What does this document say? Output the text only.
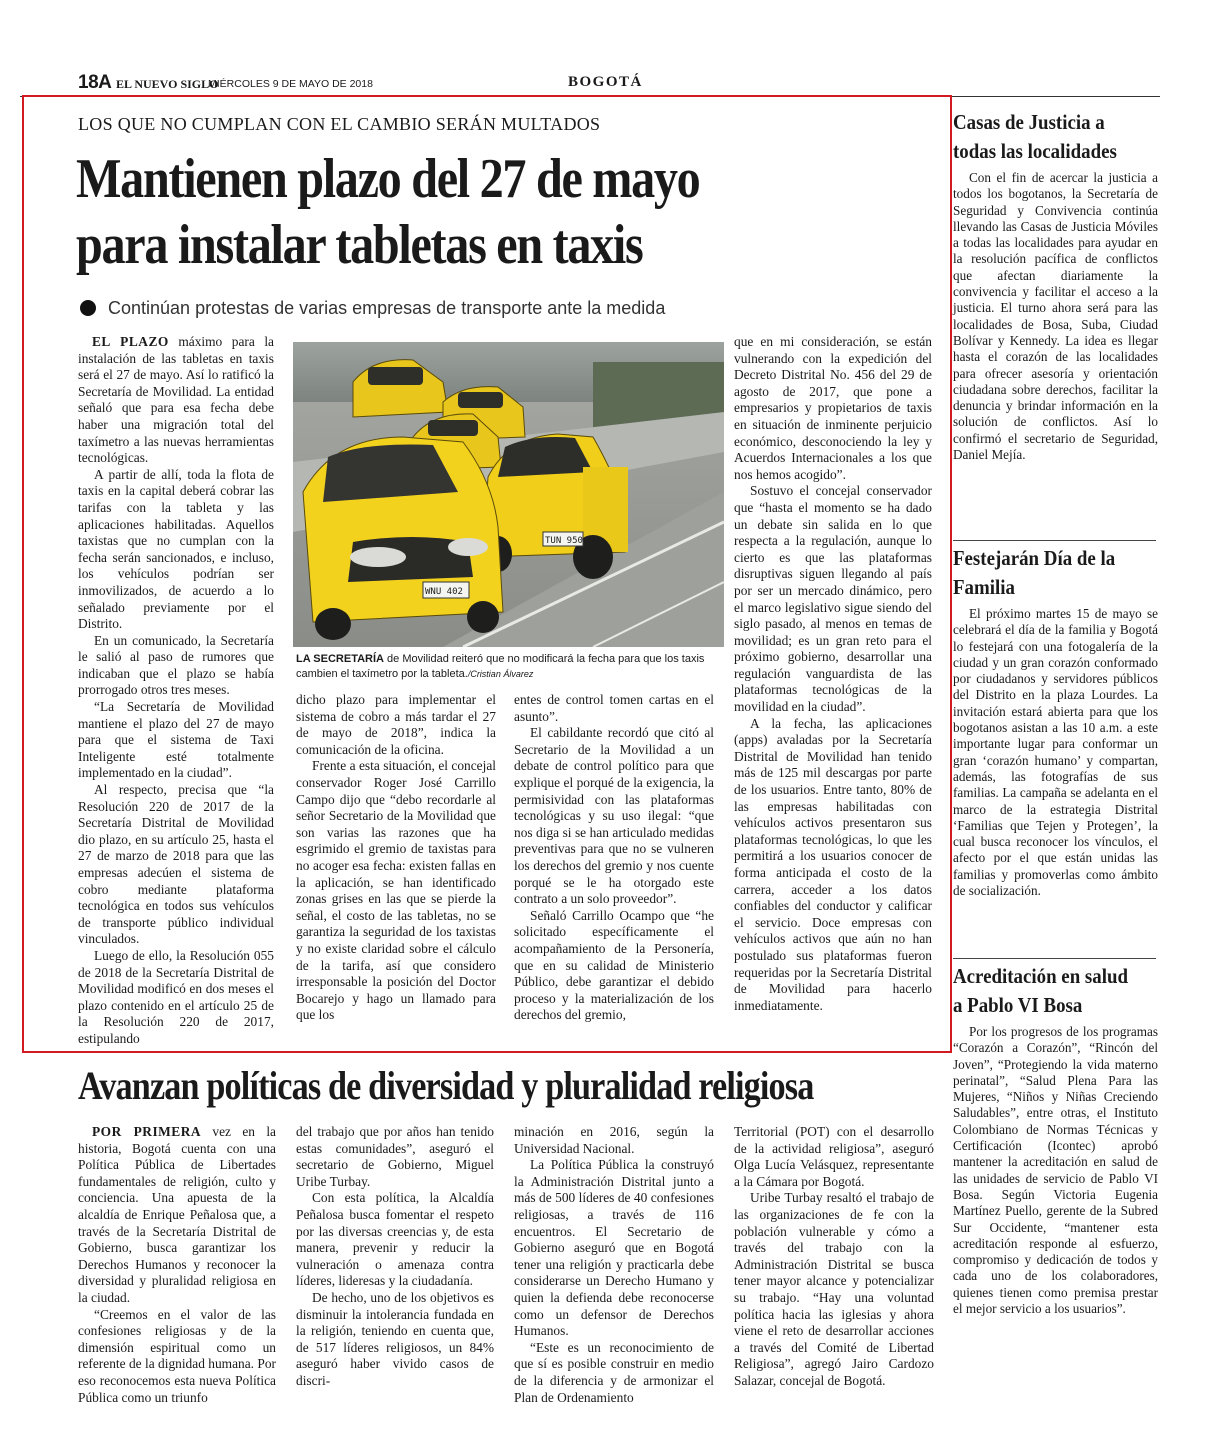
18A EL NUEVO SIGLO
MIÉRCOLES 9 DE MAYO DE 2018	BOGOTÁ
LOS QUE NO CUMPLAN CON EL CAMBIO SERÁN MULTADOS
Mantienen plazo del 27 de mayo
para instalar tabletas en taxis
Continúan protestas de varias empresas de transporte ante la medida

EL PLAZO máximo para la instalación de las tabletas en taxis será el 27 de mayo. Así lo ratificó la Secretaría de Movilidad. La entidad señaló que para esa fecha debe haber una migración total del taxímetro a las nuevas herramientas tecnológicas.

A partir de allí, toda la flota de taxis en la capital deberá cobrar las tarifas con la tableta y las aplicaciones habilitadas. Aquellos taxistas que no cumplan con la fecha serán sancionados, e incluso, los vehículos podrían ser inmovilizados, de acuerdo a lo señalado previamente por el Distrito.

En un comunicado, la Secretaría le salió al paso de rumores que indicaban que el plazo se había prorrogado otros tres meses.

“La Secretaría de Movilidad mantiene el plazo del 27 de mayo para que el sistema de Taxi Inteligente esté totalmente implementado en la ciudad”.

Al respecto, precisa que “la Resolución 220 de 2017 de la Secretaría Distrital de Movilidad dio plazo, en su artículo 25, hasta el 27 de marzo de 2018 para que las empresas adecúen el sistema de cobro mediante plataforma tecnológica en todos sus vehículos de transporte público individual vinculados.

Luego de ello, la Resolución 055 de 2018 de la Secretaría Distrital de Movilidad modificó en dos meses el plazo contenido en el artículo 25 de la Resolución 220 de 2017, estipulando

TUN 950
WNU 402
LA SECRETARÍA de Movilidad reiteró que no modificará la fecha para que los taxis cambien el taxímetro por la tableta./Cristian Álvarez

dicho plazo para implementar el sistema de cobro a más tardar el 27 de mayo de 2018”, indica la comunicación de la oficina.

Frente a esta situación, el concejal conservador Roger José Carrillo Campo dijo que “debo recordarle al señor Secretario de la Movilidad que son varias las razones que ha esgrimido el gremio de taxistas para no acoger esa fecha: existen fallas en la aplicación, se han identificado zonas grises en las que se pierde la señal, el costo de las tabletas, no se garantiza la seguridad de los taxistas y no existe claridad sobre el cálculo de la tarifa, así que considero irresponsable la posición del Doctor Bocarejo y hago un llamado para que los

entes de control tomen cartas en el asunto”.

El cabildante recordó que citó al Secretario de la Movilidad a un debate de control político para que explique el porqué de la exigencia, la permisividad con las plataformas tecnológicas y su uso ilegal: “que nos diga si se han articulado medidas preventivas para que no se vulneren los derechos del gremio y nos cuente porqué se le ha otorgado este contrato a un solo proveedor”.

Señaló Carrillo Ocampo que “he solicitado específicamente el acompañamiento de la Personería, que en su calidad de Ministerio Público, debe garantizar el debido proceso y la materialización de los derechos del gremio,

que en mi consideración, se están vulnerando con la expedición del Decreto Distrital No. 456 del 29 de agosto de 2017, que pone a empresarios y propietarios de taxis en situación de inminente perjuicio económico, desconociendo la ley y Acuerdos Internacionales a los que nos hemos acogido”.

Sostuvo el concejal conservador que “hasta el momento se ha dado un debate sin salida en lo que respecta a la regulación, aunque lo cierto es que las plataformas disruptivas siguen llegando al país por ser un mercado dinámico, pero el marco legislativo sigue siendo del siglo pasado, al menos en temas de movilidad; es un gran reto para el próximo gobierno, desarrollar una regulación vanguardista de las plataformas tecnológicas de la movilidad en la ciudad”.

A la fecha, las aplicaciones (apps) avaladas por la Secretaría Distrital de Movilidad han tenido más de 125 mil descargas por parte de los usuarios. Entre tanto, 80% de las empresas habilitadas con vehículos activos presentaron sus plataformas tecnológicas, lo que les permitirá a los usuarios conocer de forma anticipada el costo de la carrera, acceder a los datos confiables del conductor y calificar el servicio. Doce empresas con vehículos activos que aún no han postulado sus plataformas fueron requeridas por la Secretaría Distrital de Movilidad para hacerlo inmediatamente.

Casas de Justicia a todas las localidades

Con el fin de acercar la justicia a todos los bogotanos, la Secretaría de Seguridad y Convivencia continúa llevando las Casas de Justicia Móviles a todas las localidades para ayudar en la resolución pacífica de conflictos que afectan diariamente la convivencia y facilitar el acceso a la justicia. El turno ahora será para las localidades de Bosa, Suba, Ciudad Bolívar y Kennedy. La idea es llegar hasta el corazón de las localidades para ofrecer asesoría y orientación ciudadana sobre derechos, facilitar la denuncia y brindar información en la solución de conflictos. Así lo confirmó el secretario de Seguridad, Daniel Mejía.

Festejarán Día de la Familia

El próximo martes 15 de mayo se celebrará el día de la familia y Bogotá lo festejará con una fotogalería de la ciudad y un gran corazón conformado por ciudadanos y servidores públicos del Distrito en la plaza Lourdes. La invitación estará abierta para que los bogotanos asistan a las 10 a.m. a este importante lugar para conformar un gran ‘corazón humano’ y compartan, además, las fotografías de sus familias. La campaña se adelanta en el marco de la estrategia Distrital ‘Familias que Tejen y Protegen’, la cual busca reconocer los vínculos, el afecto por el que están unidas las familias y promoverlas como ámbito de socialización.

Acreditación en salud a Pablo VI Bosa

Por los progresos de los programas “Corazón a Corazón”, “Rincón del Joven”, “Protegiendo la vida materno perinatal”, “Salud Plena Para las Mujeres, “Niños y Niñas Creciendo Saludables”, entre otras, el Instituto Colombiano de Normas Técnicas y Certificación (Icontec) aprobó mantener la acreditación en salud de las unidades de servicio de Pablo VI Bosa. Según Victoria Eugenia Martínez Puello, gerente de la Subred Sur Occidente, “mantener esta acreditación responde al esfuerzo, compromiso y dedicación de todos y cada uno de los colaboradores, quienes tienen como premisa prestar el mejor servicio a los usuarios”.

Avanzan políticas de diversidad y pluralidad religiosa

POR PRIMERA vez en la historia, Bogotá cuenta con una Política Pública de Libertades fundamentales de religión, culto y conciencia. Una apuesta de la alcaldía de Enrique Peñalosa que, a través de la Secretaría Distrital de Gobierno, busca garantizar los Derechos Humanos y reconocer la diversidad y pluralidad religiosa en la ciudad.

“Creemos en el valor de las confesiones religiosas y de la dimensión espiritual como un referente de la dignidad humana. Por eso reconocemos esta nueva Política Pública como un triunfo

del trabajo que por años han tenido estas comunidades”, aseguró el secretario de Gobierno, Miguel Uribe Turbay.

Con esta política, la Alcaldía Peñalosa busca fomentar el respeto por las diversas creencias y, de esta manera, prevenir y reducir la vulneración o amenaza contra líderes, lideresas y la ciudadanía.

De hecho, uno de los objetivos es disminuir la intolerancia fundada en la religión, teniendo en cuenta que, de 517 líderes religiosos, un 84% aseguró haber vivido casos de discri-

minación en 2016, según la Universidad Nacional.

La Política Pública la construyó la Administración Distrital junto a más de 500 líderes de 40 confesiones religiosas, a través de 116 encuentros. El Secretario de Gobierno aseguró que en Bogotá tener una religión y practicarla debe considerarse un Derecho Humano y quien la defienda debe reconocerse como un defensor de Derechos Humanos.

“Este es un reconocimiento de que sí es posible construir en medio de la diferencia y de armonizar el Plan de Ordenamiento

Territorial (POT) con el desarrollo de la actividad religiosa”, aseguró Olga Lucía Velásquez, representante a la Cámara por Bogotá.

Uribe Turbay resaltó el trabajo de las organizaciones de fe con la población vulnerable y cómo a través del trabajo con la Administración Distrital se busca tener mayor alcance y potencializar su trabajo. “Hay una voluntad política hacia las iglesias y ahora viene el reto de desarrollar acciones a través del Comité de Libertad Religiosa”, agregó Jairo Cardozo Salazar, concejal de Bogotá.
